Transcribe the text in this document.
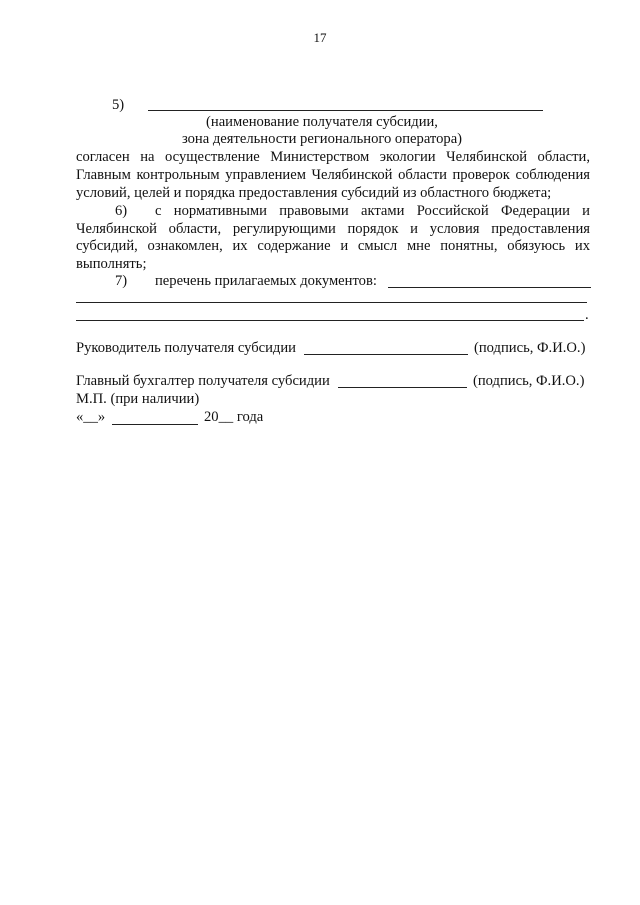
17
5)
(наименование получателя субсидии,
зона деятельности регионального оператора)
согласен на осуществление Министерством экологии Челябинской области,
Главным контрольным управлением Челябинской области проверок соблюдения
условий, целей и порядка предоставления субсидий из областного бюджета;
6) с нормативными правовыми актами Российской Федерации и
Челябинской области, регулирующими порядок и условия предоставления
субсидий, ознакомлен, их содержание и смысл мне понятны, обязуюсь их
выполнять;
7) перечень прилагаемых документов:
.
Руководитель получателя субсидии	(подпись, Ф.И.О.)
Главный бухгалтер получателя субсидии	(подпись, Ф.И.О.)
М.П. (при наличии)
«__»	20__ года
